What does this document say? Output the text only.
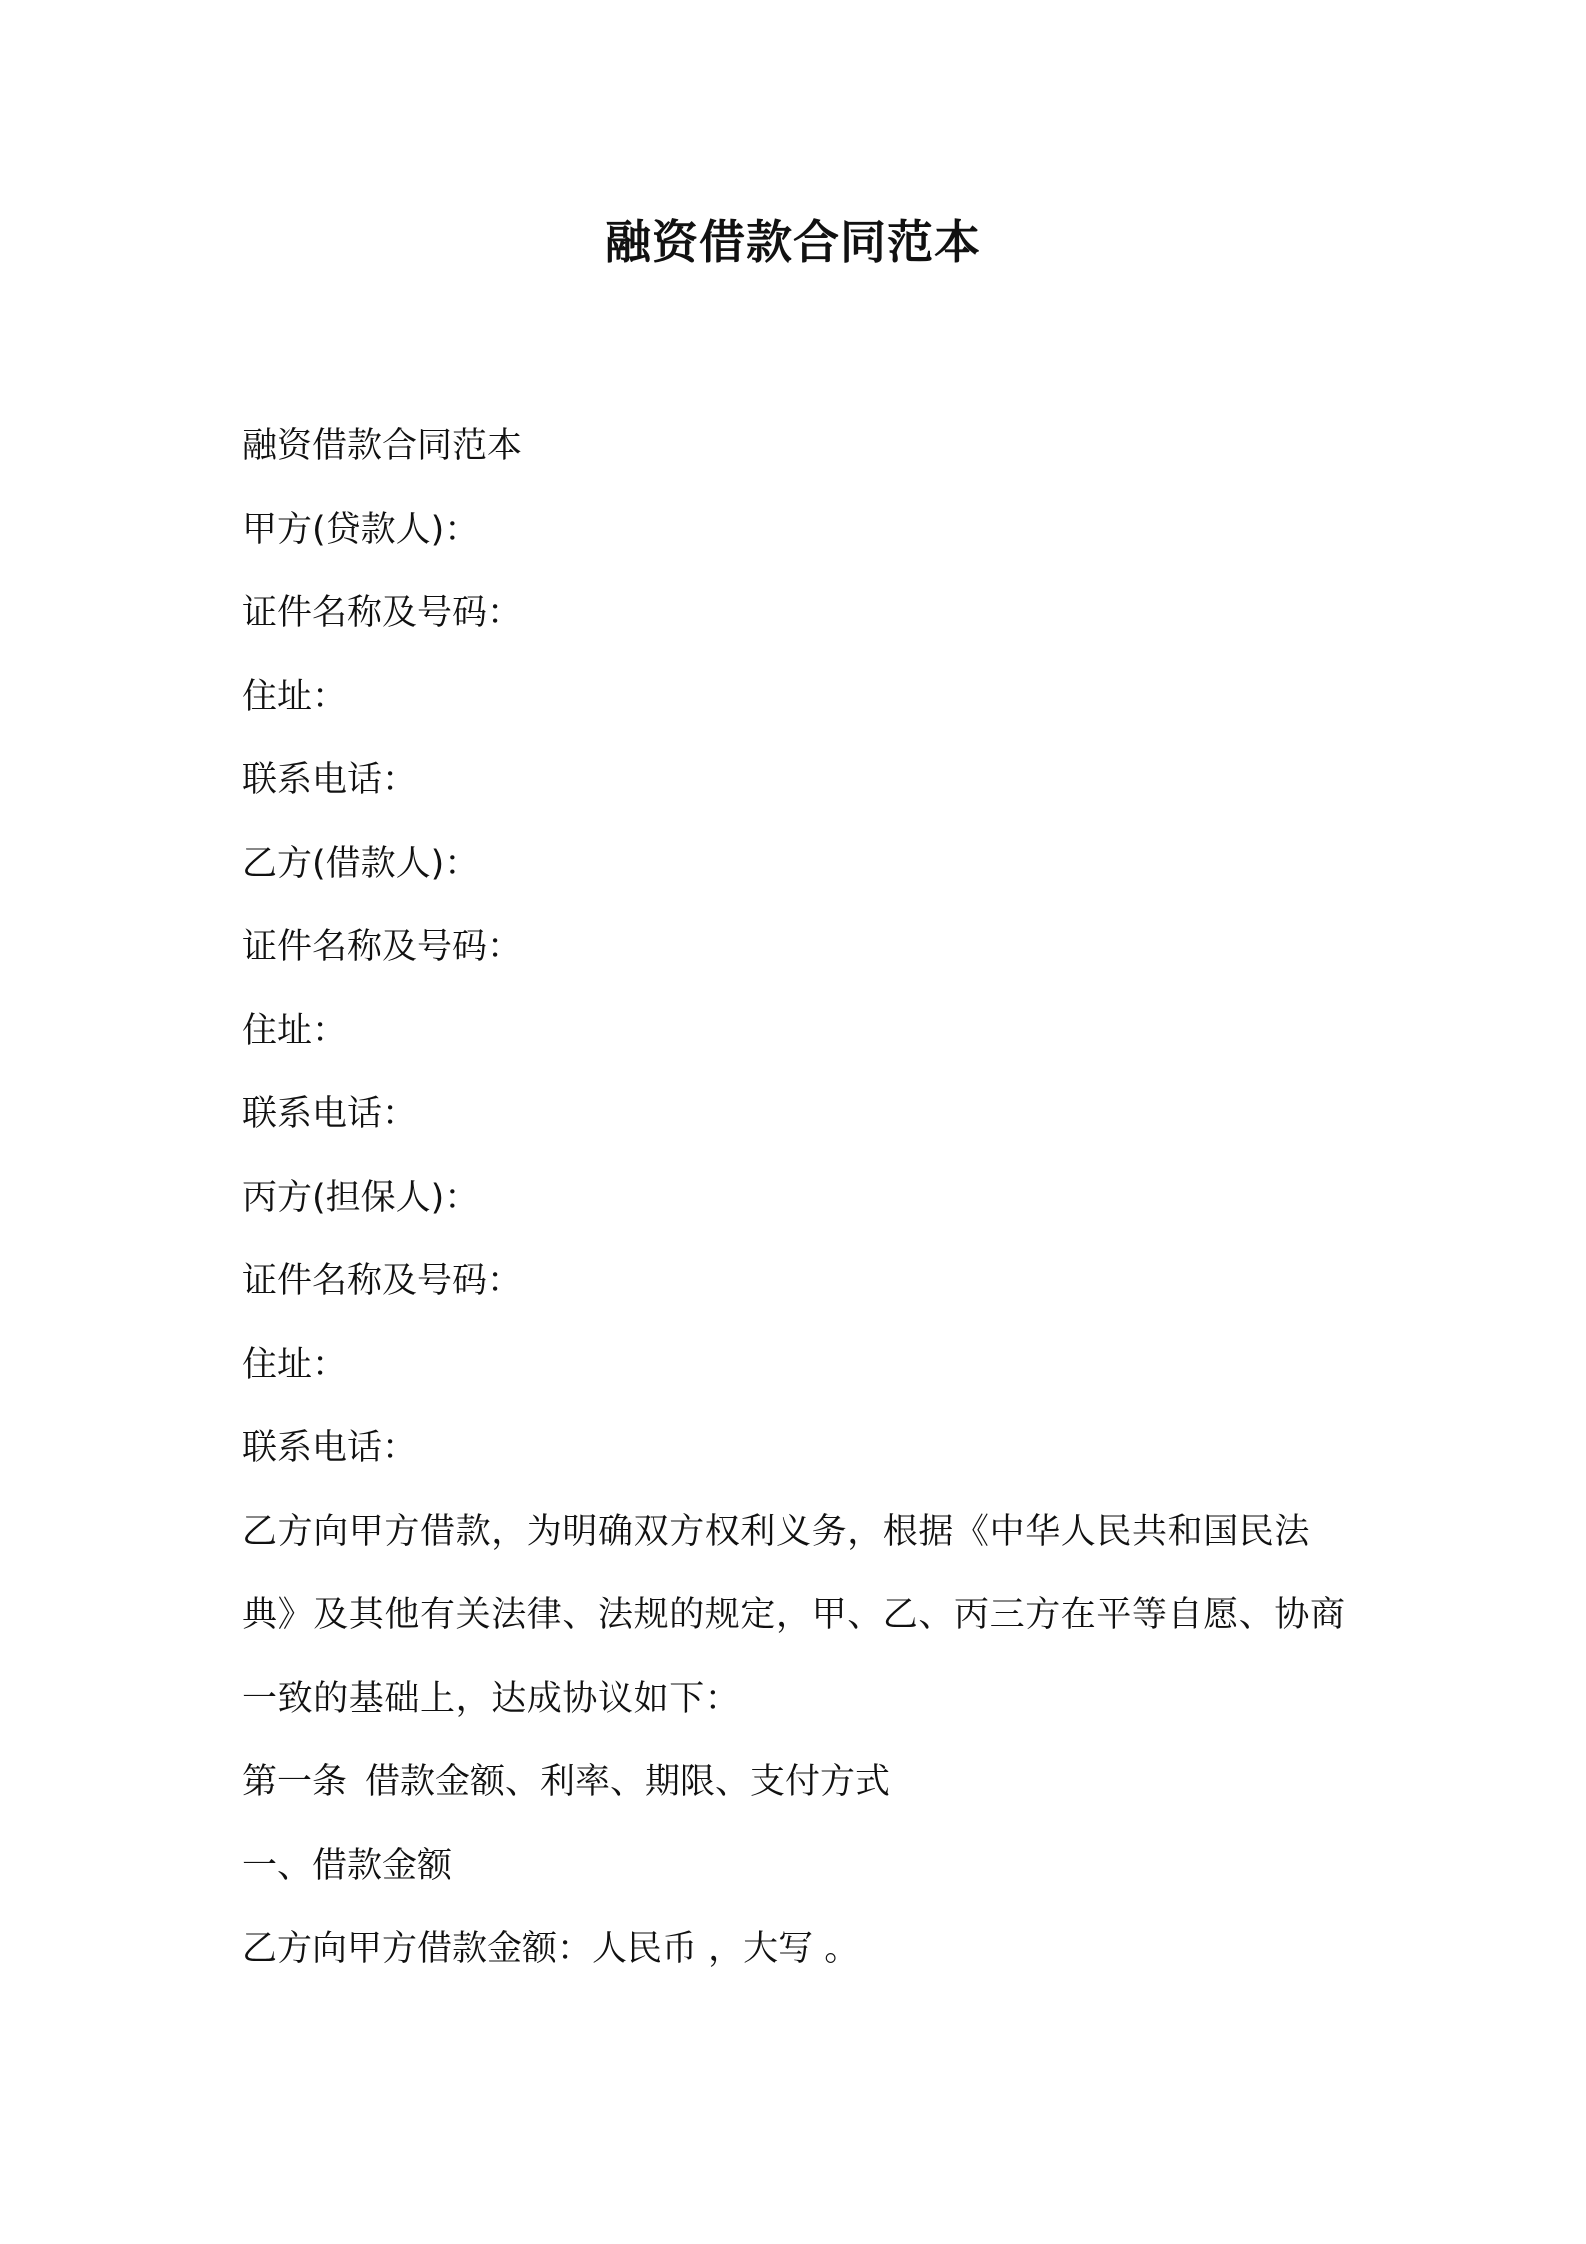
融资借款合同范本
融资借款合同范本
甲方(贷款人)：
证件名称及号码：
住址：
联系电话：
乙方(借款人)：
证件名称及号码：
住址：
联系电话：
丙方(担保人)：
证件名称及号码：
住址：
联系电话：
乙方向甲方借款，为明确双方权利义务，根据《中华人民共和国民法典》及其他有关法律、法规的规定，甲、乙、丙三方在平等自愿、协商一致的基础上，达成协议如下：
第一条 借款金额、利率、期限、支付方式
一、借款金额
乙方向甲方借款金额：人民币 ，大写 。
